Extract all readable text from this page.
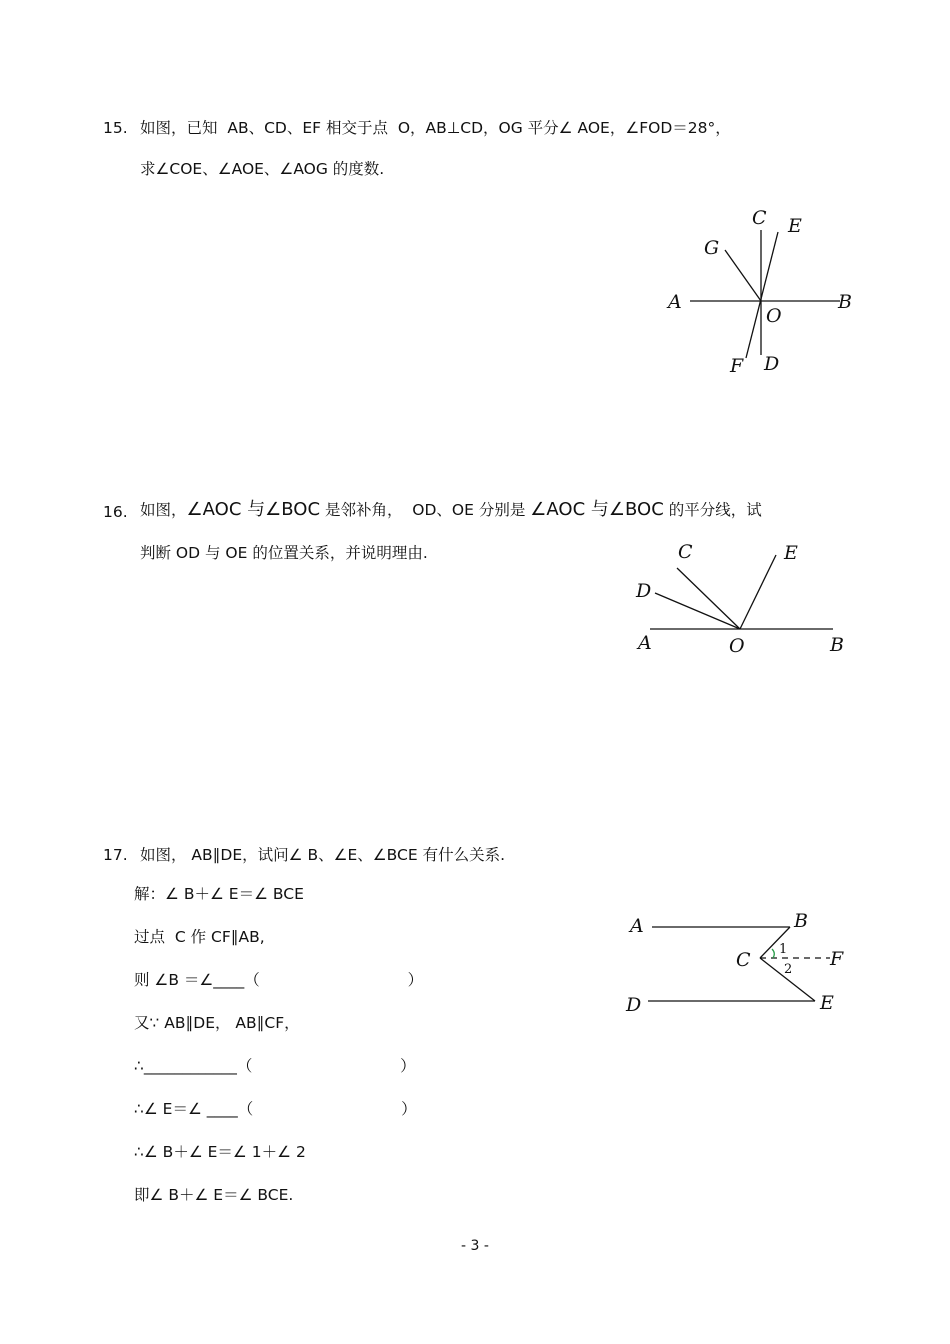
15. 如图，已知  AB、CD、EF 相交于点  O，AB⊥CD，OG 平分∠ AOE，∠FOD＝28°，
求∠COE、∠AOE、∠AOG 的度数.
A	B
C
D
E
F
G
O
16. 如图，∠AOC 与∠BOC 是邻补角，  OD、OE 分别是 ∠AOC 与∠BOC 的平分线，试
判断 OD 与 OE 的位置关系，并说明理由.
A	B
C
D
E
O
17. 如图， AB∥DE，试问∠ B、∠E、∠BCE 有什么关系.
解：∠ B＋∠ E＝∠ BCE
过点  C 作 CF∥AB,
则 ∠B ＝∠____（                              ）
又∵ AB∥DE， AB∥CF，
∴____________（                              ）
∴∠ E＝∠ ____（                              ）
∴∠ B＋∠ E＝∠ 1＋∠ 2
即∠ B＋∠ E＝∠ BCE.
A	B
C
D	E
F
1
2
- 3 -
